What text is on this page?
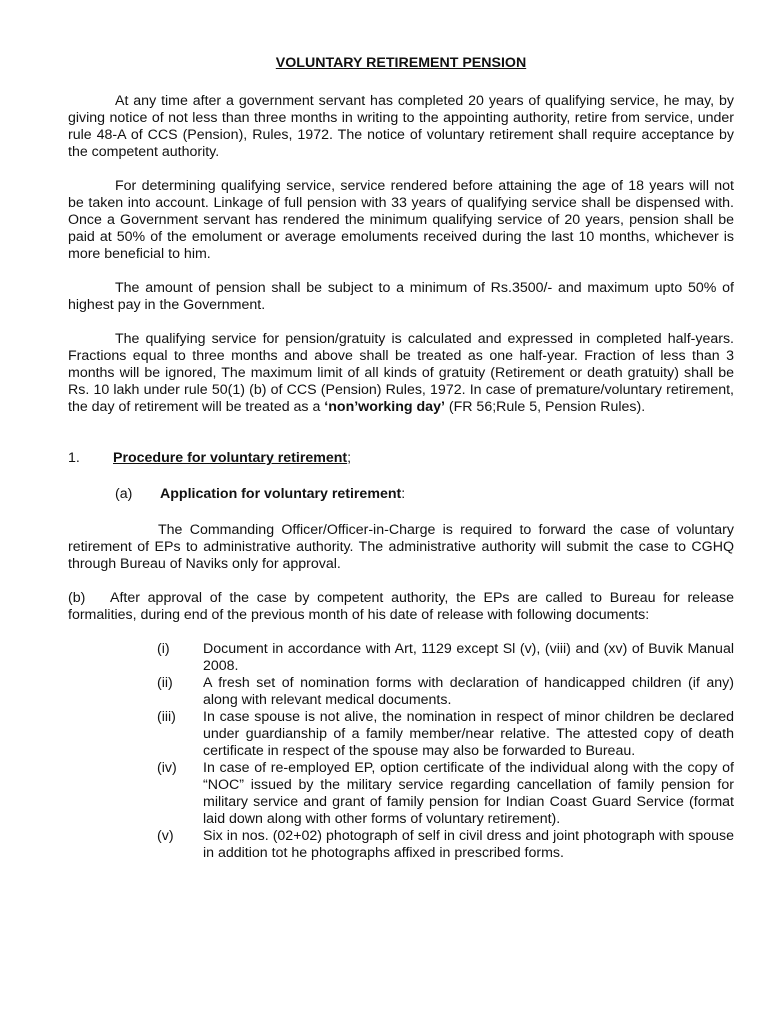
VOLUNTARY RETIREMENT PENSION

At any time after a government servant has completed 20 years of qualifying service, he may, by giving notice of not less than three months in writing to the appointing authority, retire from service, under rule 48-A of CCS (Pension), Rules, 1972. The notice of voluntary retirement shall require acceptance by the competent authority.

For determining qualifying service, service rendered before attaining the age of 18 years will not be taken into account. Linkage of full pension with 33 years of qualifying service shall be dispensed with. Once a Government servant has rendered the minimum qualifying service of 20 years, pension shall be paid at 50% of the emolument or average emoluments received during the last 10 months, whichever is more beneficial to him.

The amount of pension shall be subject to a minimum of Rs.3500/- and maximum upto 50% of highest pay in the Government.

The qualifying service for pension/gratuity is calculated and expressed in completed half-years. Fractions equal to three months and above shall be treated as one half-year. Fraction of less than 3 months will be ignored, The maximum limit of all kinds of gratuity (Retirement or death gratuity) shall be Rs. 10 lakh under rule 50(1) (b) of CCS (Pension) Rules, 1972. In case of premature/voluntary retirement, the day of retirement will be treated as a ‘non’working day’ (FR 56;Rule 5, Pension Rules).

1.	Procedure for voluntary retirement;
(a)	Application for voluntary retirement:

The Commanding Officer/Officer-in-Charge is required to forward the case of voluntary retirement of EPs to administrative authority. The administrative authority will submit the case to CGHQ through Bureau of Naviks only for approval.

(b) After approval of the case by competent authority, the EPs are called to Bureau for release formalities, during end of the previous month of his date of release with following documents:

(i)	Document in accordance with Art, 1129 except Sl (v), (viii) and (xv) of Buvik Manual 2008.
(ii)	A fresh set of nomination forms with declaration of handicapped children (if any) along with relevant medical documents.
(iii)	In case spouse is not alive, the nomination in respect of minor children be declared under guardianship of a family member/near relative. The attested copy of death certificate in respect of the spouse may also be forwarded to Bureau.
(iv)	In case of re-employed EP, option certificate of the individual along with the copy of “NOC” issued by the military service regarding cancellation of family pension for military service and grant of family pension for Indian Coast Guard Service (format laid down along with other forms of voluntary retirement).
(v)	Six in nos. (02+02) photograph of self in civil dress and joint photograph with spouse in addition tot he photographs affixed in prescribed forms.
